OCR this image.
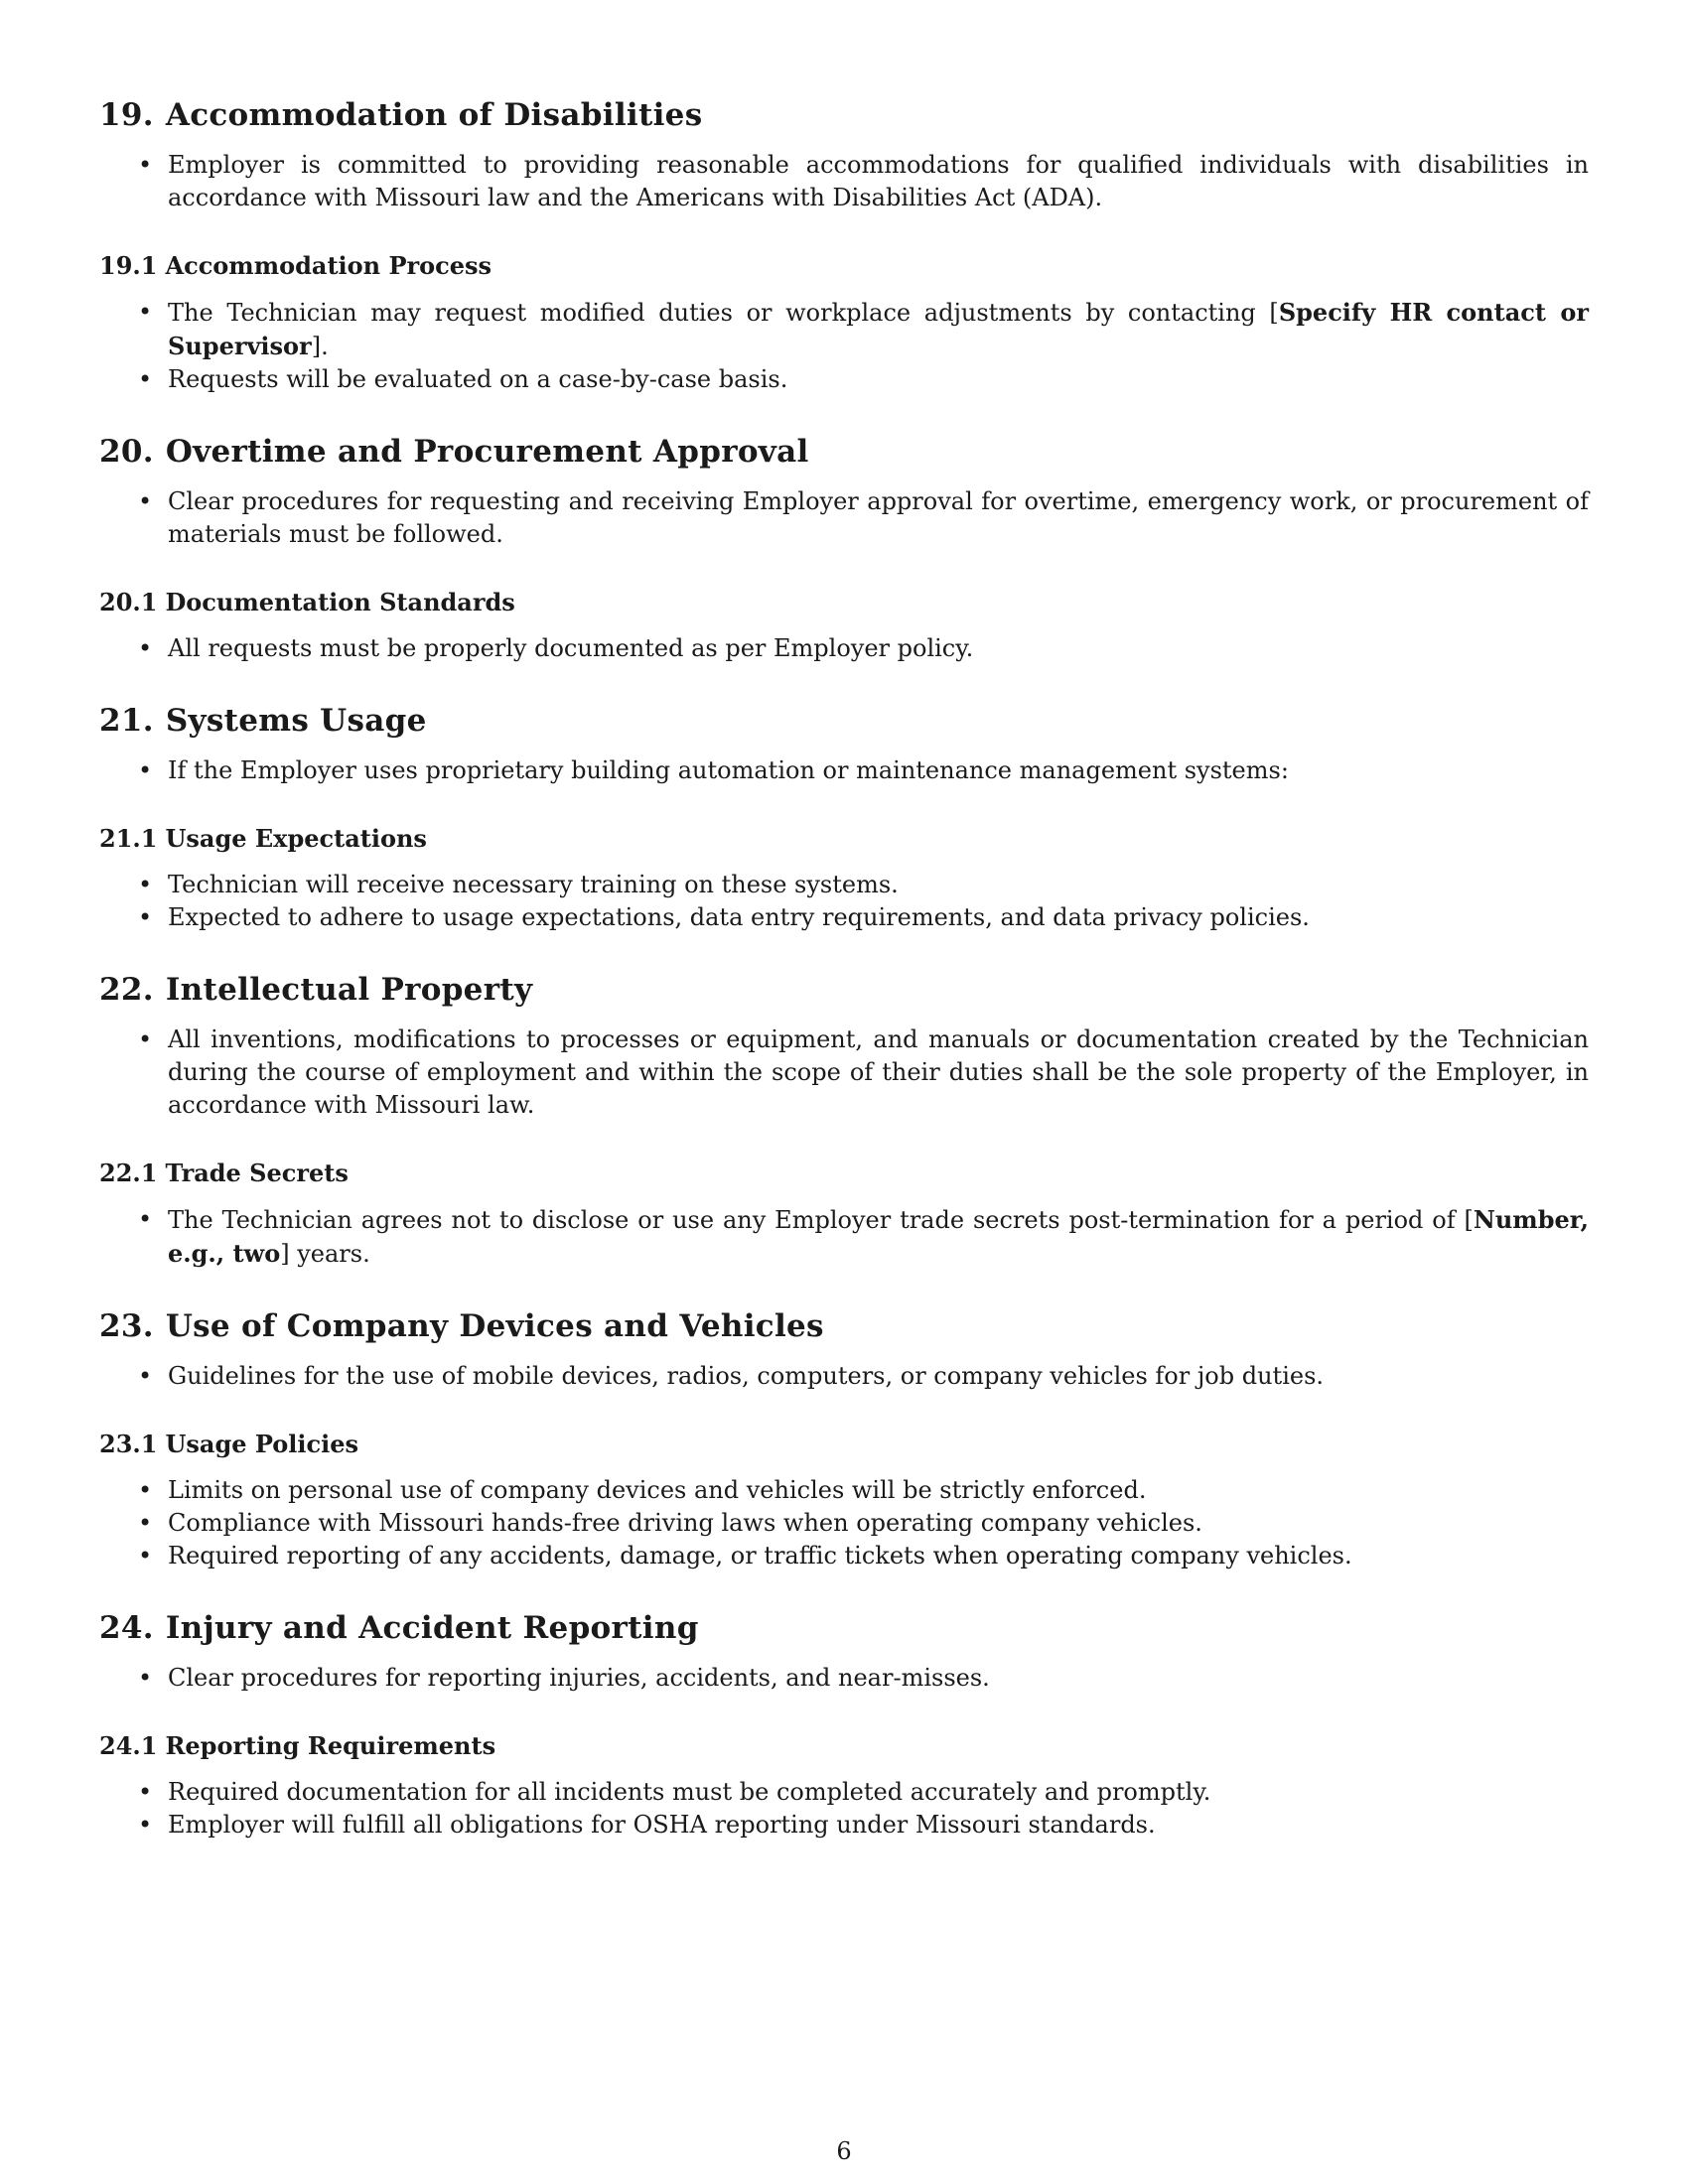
19. Accommodation of Disabilities
• Employer is committed to providing reasonable accommodations for qualified individuals with disabilities in accordance with Missouri law and the Americans with Disabilities Act (ADA).
19.1 Accommodation Process
• The Technician may request modified duties or workplace adjustments by contacting [Specify HR contact or Supervisor].
• Requests will be evaluated on a case-by-case basis.
20. Overtime and Procurement Approval
• Clear procedures for requesting and receiving Employer approval for overtime, emergency work, or procurement of materials must be followed.
20.1 Documentation Standards
• All requests must be properly documented as per Employer policy.
21. Systems Usage
• If the Employer uses proprietary building automation or maintenance management systems:
21.1 Usage Expectations
• Technician will receive necessary training on these systems.
• Expected to adhere to usage expectations, data entry requirements, and data privacy policies.
22. Intellectual Property
• All inventions, modifications to processes or equipment, and manuals or documentation created by the Technician during the course of employment and within the scope of their duties shall be the sole property of the Employer, in accordance with Missouri law.
22.1 Trade Secrets
• The Technician agrees not to disclose or use any Employer trade secrets post-termination for a period of [Number, e.g., two] years.
23. Use of Company Devices and Vehicles
• Guidelines for the use of mobile devices, radios, computers, or company vehicles for job duties.
23.1 Usage Policies
• Limits on personal use of company devices and vehicles will be strictly enforced.
• Compliance with Missouri hands-free driving laws when operating company vehicles.
• Required reporting of any accidents, damage, or traffic tickets when operating company vehicles.
24. Injury and Accident Reporting
• Clear procedures for reporting injuries, accidents, and near-misses.
24.1 Reporting Requirements
• Required documentation for all incidents must be completed accurately and promptly.
• Employer will fulfill all obligations for OSHA reporting under Missouri standards.
6
